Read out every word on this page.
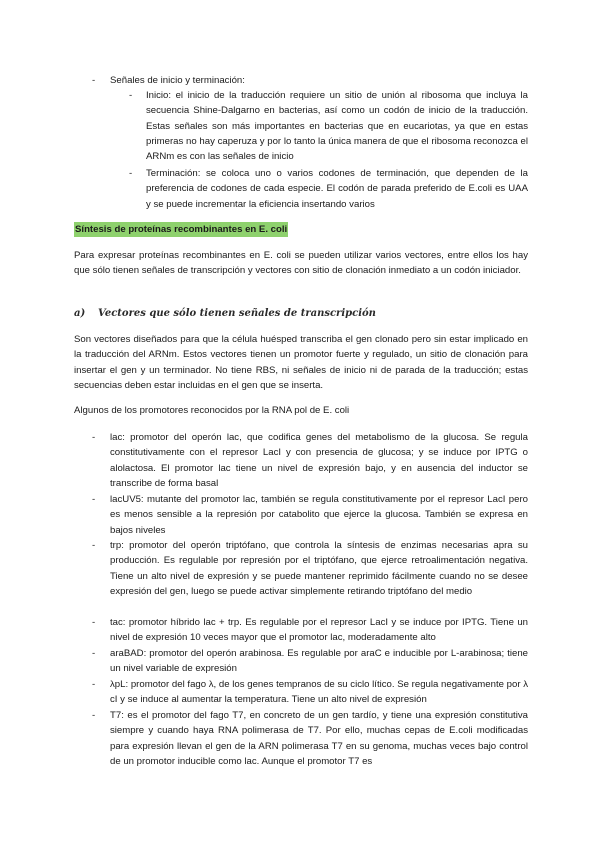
- Señales de inicio y terminación:
- Inicio: el inicio de la traducción requiere un sitio de unión al ribosoma que incluya la secuencia Shine-Dalgarno en bacterias, así como un codón de inicio de la traducción. Estas señales son más importantes en bacterias que en eucariotas, ya que en estas primeras no hay caperuza y por lo tanto la única manera de que el ribosoma reconozca el ARNm es con las señales de inicio
- Terminación: se coloca uno o varios codones de terminación, que dependen de la preferencia de codones de cada especie. El codón de parada preferido de E.coli es UAA y se puede incrementar la eficiencia insertando varios
Síntesis de proteínas recombinantes en E. coli
Para expresar proteínas recombinantes en E. coli se pueden utilizar varios vectores, entre ellos los hay que sólo tienen señales de transcripción y vectores con sitio de clonación inmediato a un codón iniciador.
a) Vectores que sólo tienen señales de transcripción
Son vectores diseñados para que la célula huésped transcriba el gen clonado pero sin estar implicado en la traducción del ARNm. Estos vectores tienen un promotor fuerte y regulado, un sitio de clonación para insertar el gen y un terminador. No tiene RBS, ni señales de inicio ni de parada de la traducción; estas secuencias deben estar incluidas en el gen que se inserta.
Algunos de los promotores reconocidos por la RNA pol de E. coli
- lac: promotor del operón lac, que codifica genes del metabolismo de la glucosa. Se regula constitutivamente con el represor LacI y con presencia de glucosa; y se induce por IPTG o alolactosa. El promotor lac tiene un nivel de expresión bajo, y en ausencia del inductor se transcribe de forma basal
- lacUV5: mutante del promotor lac, también se regula constitutivamente por el represor LacI pero es menos sensible a la represión por catabolito que ejerce la glucosa. También se expresa en bajos niveles
- trp: promotor del operón triptófano, que controla la síntesis de enzimas necesarias apra su producción. Es regulable por represión por el triptófano, que ejerce retroalimentación negativa. Tiene un alto nivel de expresión y se puede mantener reprimido fácilmente cuando no se desee expresión del gen, luego se puede activar simplemente retirando triptófano del medio
- tac: promotor híbrido lac + trp. Es regulable por el represor LacI y se induce por IPTG. Tiene un nivel de expresión 10 veces mayor que el promotor lac, moderadamente alto
- araBAD: promotor del operón arabinosa. Es regulable por araC e inducible por L-arabinosa; tiene un nivel variable de expresión
- λpL: promotor del fago λ, de los genes tempranos de su ciclo lítico. Se regula negativamente por λ cI y se induce al aumentar la temperatura. Tiene un alto nivel de expresión
- T7: es el promotor del fago T7, en concreto de un gen tardío, y tiene una expresión constitutiva siempre y cuando haya RNA polimerasa de T7. Por ello, muchas cepas de E.coli modificadas para expresión llevan el gen de la ARN polimerasa T7 en su genoma, muchas veces bajo control de un promotor inducible como lac. Aunque el promotor T7 es
